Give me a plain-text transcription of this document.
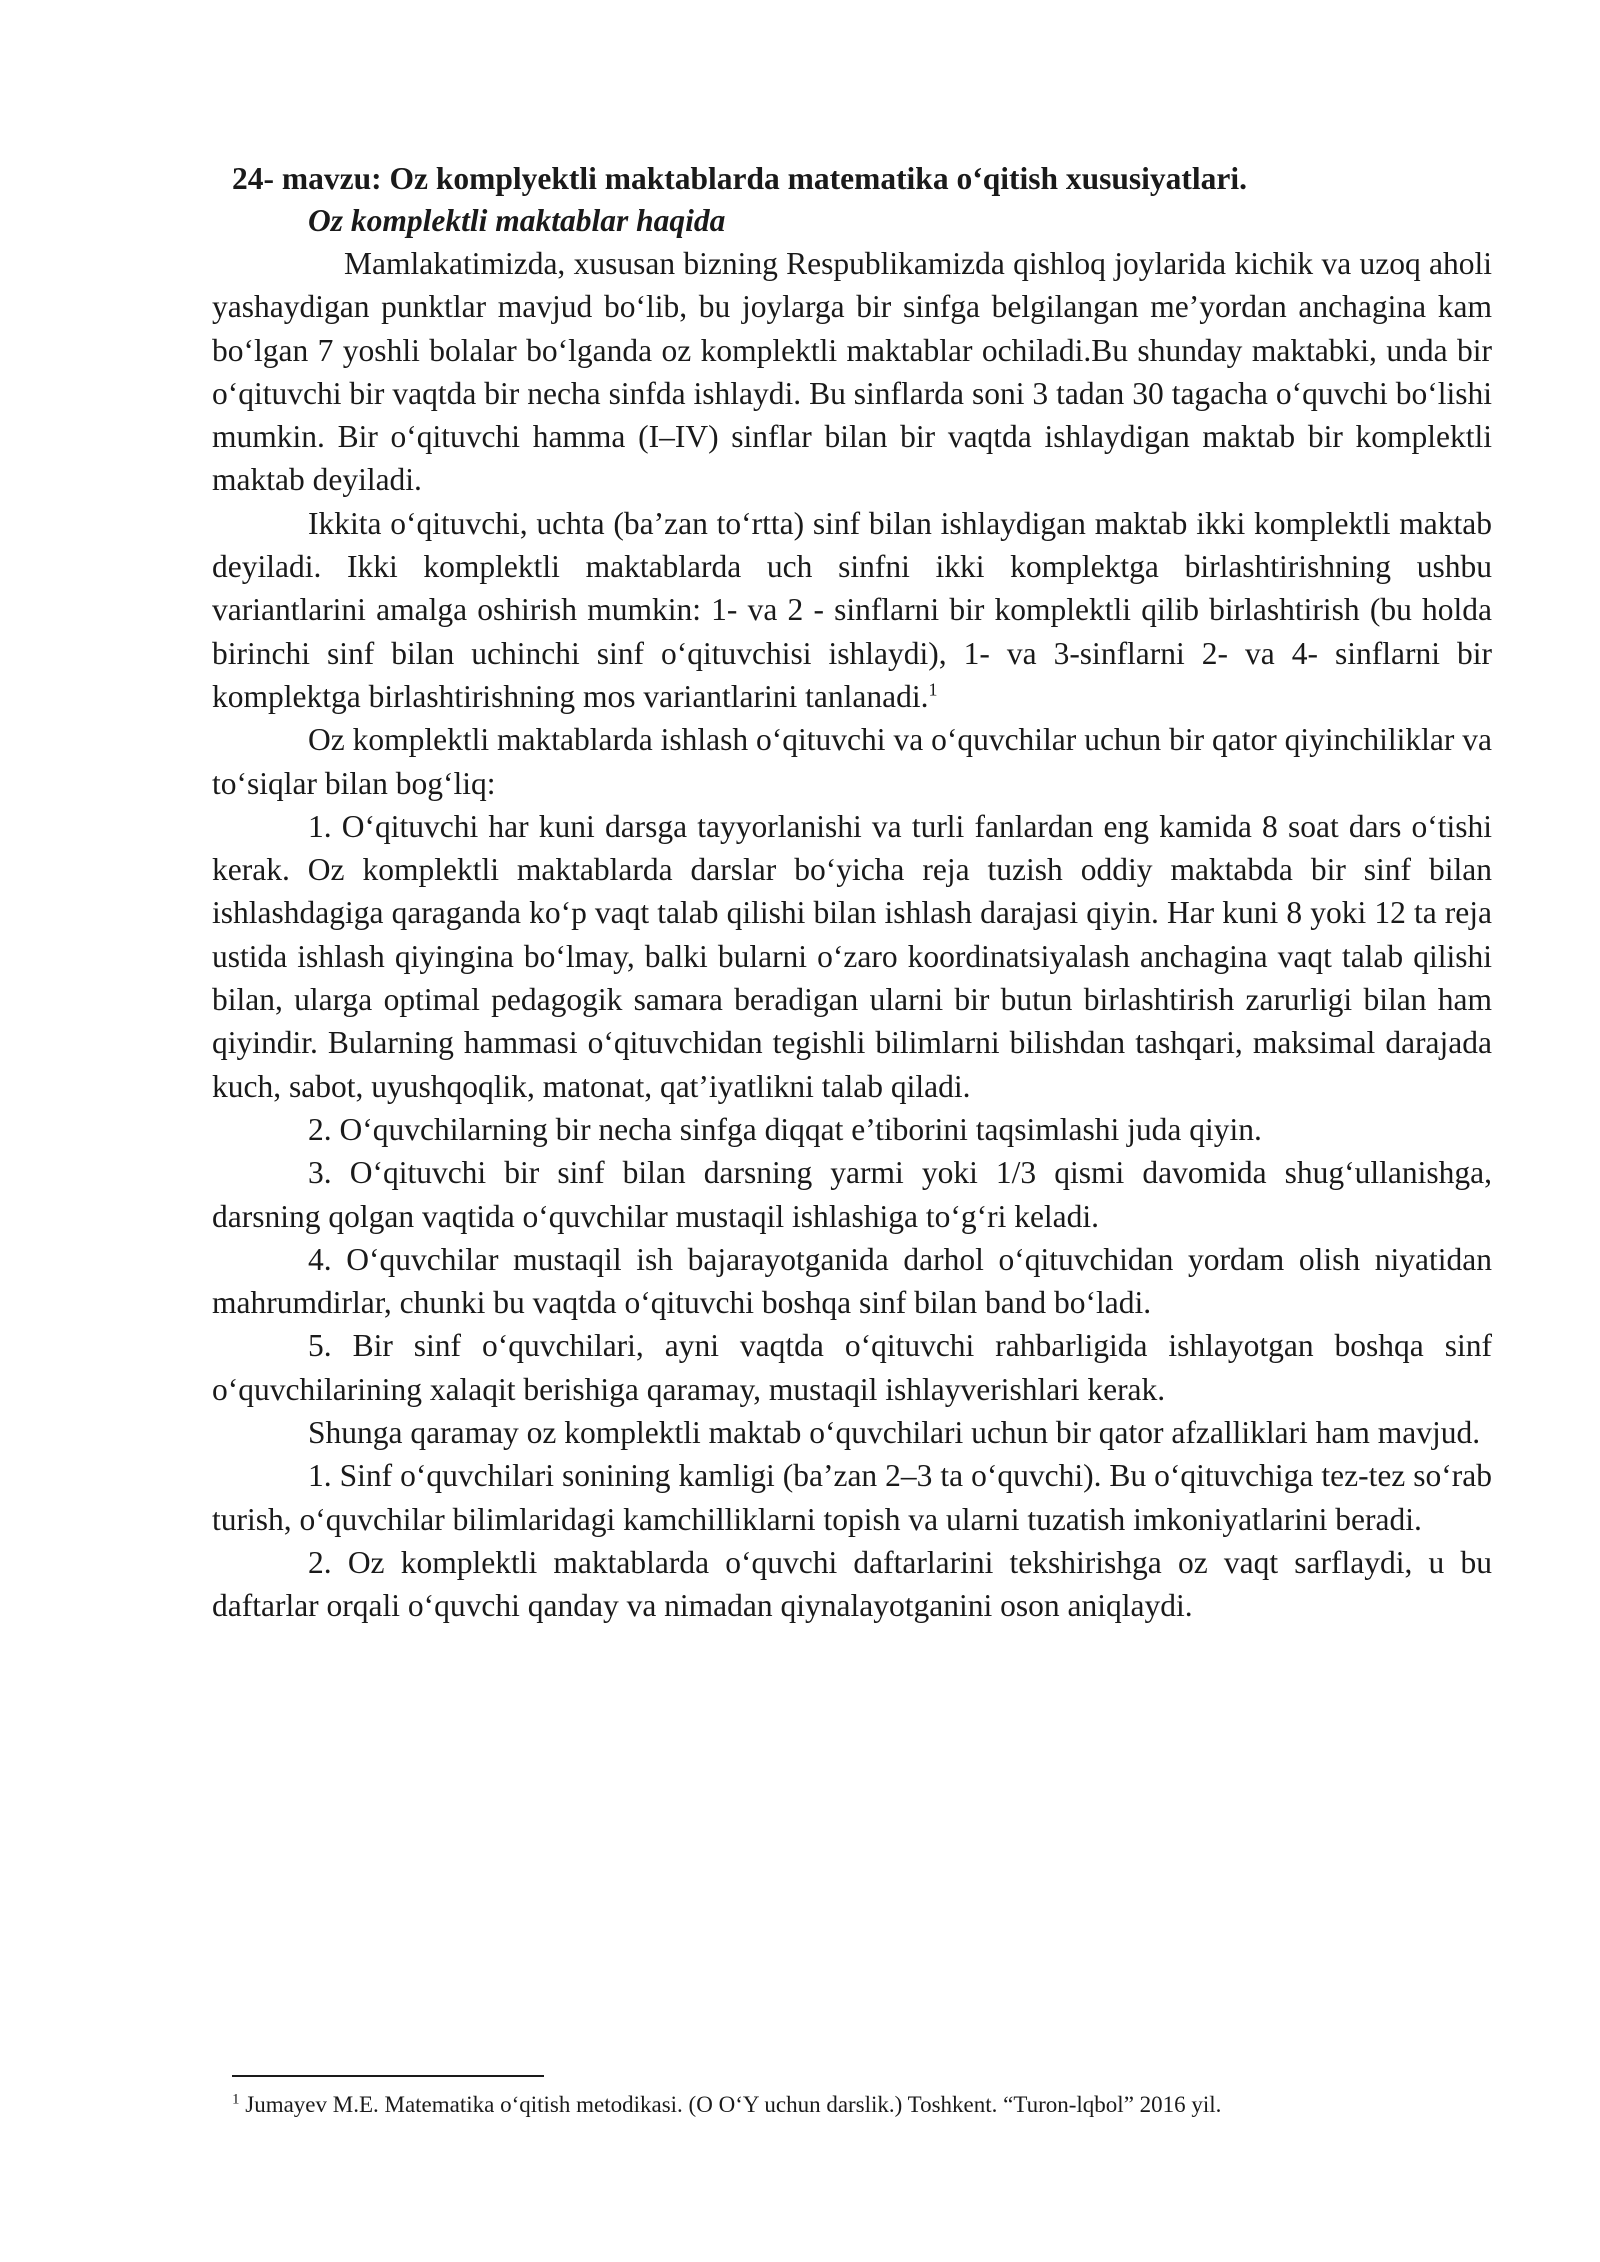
24- mavzu: Oz komplyektli maktablarda matematika o‘qitish xususiyatlari.
Oz komplektli maktablar haqida

Mamlakatimizda, xususan bizning Respublikamizda qishloq joylarida kichik va uzoq aholi yashaydigan punktlar mavjud bo‘lib, bu joylarga bir sinfga belgilangan me’yordan anchagina kam bo‘lgan 7 yoshli bolalar bo‘lganda oz komplektli maktablar ochiladi.Bu shunday maktabki, unda bir o‘qituvchi bir vaqtda bir necha sinfda ishlaydi. Bu sinflarda soni 3 tadan 30 tagacha o‘quvchi bo‘lishi mumkin. Bir o‘qituvchi hamma (I–IV) sinflar bilan bir vaqtda ishlaydigan maktab bir komplektli maktab deyiladi.

Ikkita o‘qituvchi, uchta (ba’zan to‘rtta) sinf bilan ishlaydigan maktab ikki komplektli maktab deyiladi. Ikki komplektli maktablarda uch sinfni ikki komplektga birlashtirishning ushbu variantlarini amalga oshirish mumkin: 1- va 2 - sinflarni bir komplektli qilib birlashtirish (bu holda birinchi sinf bilan uchinchi sinf o‘qituvchisi ishlaydi), 1- va 3-sinflarni 2- va 4- sinflarni bir komplektga birlashtirishning mos variantlarini tanlanadi.$^1$

Oz komplektli maktablarda ishlash o‘qituvchi va o‘quvchilar uchun bir qator qiyinchiliklar va to‘siqlar bilan bog‘liq:

1. O‘qituvchi har kuni darsga tayyorlanishi va turli fanlardan eng kamida 8 soat dars o‘tishi kerak. Oz komplektli maktablarda darslar bo‘yicha reja tuzish oddiy maktabda bir sinf bilan ishlashdagiga qaraganda ko‘p vaqt talab qilishi bilan ishlash darajasi qiyin. Har kuni 8 yoki 12 ta reja ustida ishlash qiyingina bo‘lmay, balki bularni o‘zaro koordinatsiyalash anchagina vaqt talab qilishi bilan, ularga optimal pedagogik samara beradigan ularni bir butun birlashtirish zarurligi bilan ham qiyindir. Bularning hammasi o‘qituvchidan tegishli bilimlarni bilishdan tashqari, maksimal darajada kuch, sabot, uyushqoqlik, matonat, qat’iyatlikni talab qiladi.

2. O‘quvchilarning bir necha sinfga diqqat e’tiborini taqsimlashi juda qiyin.

3. O‘qituvchi bir sinf bilan darsning yarmi yoki 1/3 qismi davomida shug‘ullanishga, darsning qolgan vaqtida o‘quvchilar mustaqil ishlashiga to‘g‘ri keladi.

4. O‘quvchilar mustaqil ish bajarayotganida darhol o‘qituvchidan yordam olish niyatidan mahrumdirlar, chunki bu vaqtda o‘qituvchi boshqa sinf bilan band bo‘ladi.

5. Bir sinf o‘quvchilari, ayni vaqtda o‘qituvchi rahbarligida ishlayotgan boshqa sinf o‘quvchilarining xalaqit berishiga qaramay, mustaqil ishlayverishlari kerak.

Shunga qaramay oz komplektli maktab o‘quvchilari uchun bir qator afzalliklari ham mavjud.

1. Sinf o‘quvchilari sonining kamligi (ba’zan 2–3 ta o‘quvchi). Bu o‘qituvchiga tez-tez so‘rab turish, o‘quvchilar bilimlaridagi kamchilliklarni topish va ularni tuzatish imkoniyatlarini beradi.

2. Oz komplektli maktablarda o‘quvchi daftarlarini tekshirishga oz vaqt sarflaydi, u bu daftarlar orqali o‘quvchi qanday va nimadan qiynalayotganini oson aniqlaydi.

$^1$ Jumayev M.E. Matematika o‘qitish metodikasi. (O O‘Y uchun darslik.) Toshkent. “Turon-lqbol” 2016 yil.
